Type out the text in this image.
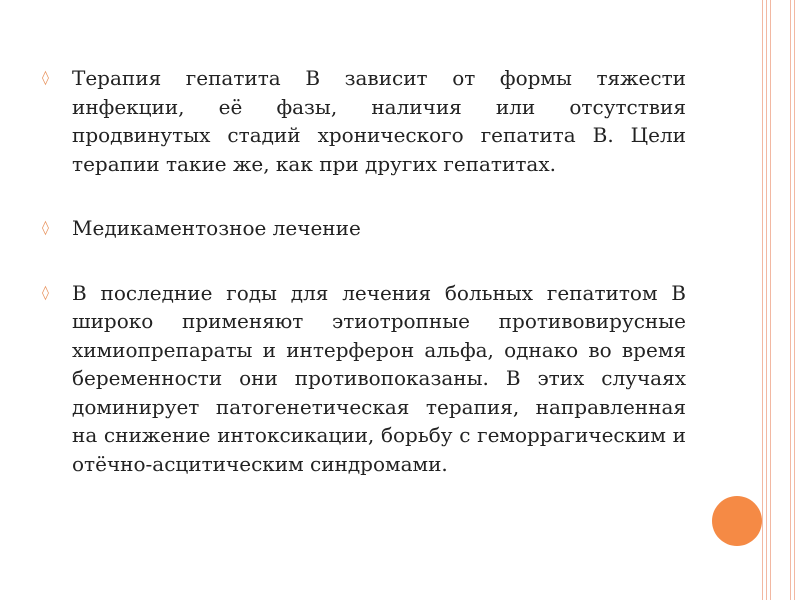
◊ Терапия гепатита В зависит от формы тяжести инфекции, её фазы, наличия или отсутствия продвинутых стадий хронического гепатита В. Цели терапии такие же, как при других гепатитах.
◊ Медикаментозное лечение
◊ В последние годы для лечения больных гепатитом В широко применяют этиотропные противовирусные химиопрепараты и интерферон альфа, однако во время беременности они противопоказаны. В этих случаях доминирует патогенетическая терапия, направленная на снижение интоксикации, борьбу с геморрагическим и отёчно-асцитическим синдромами.
